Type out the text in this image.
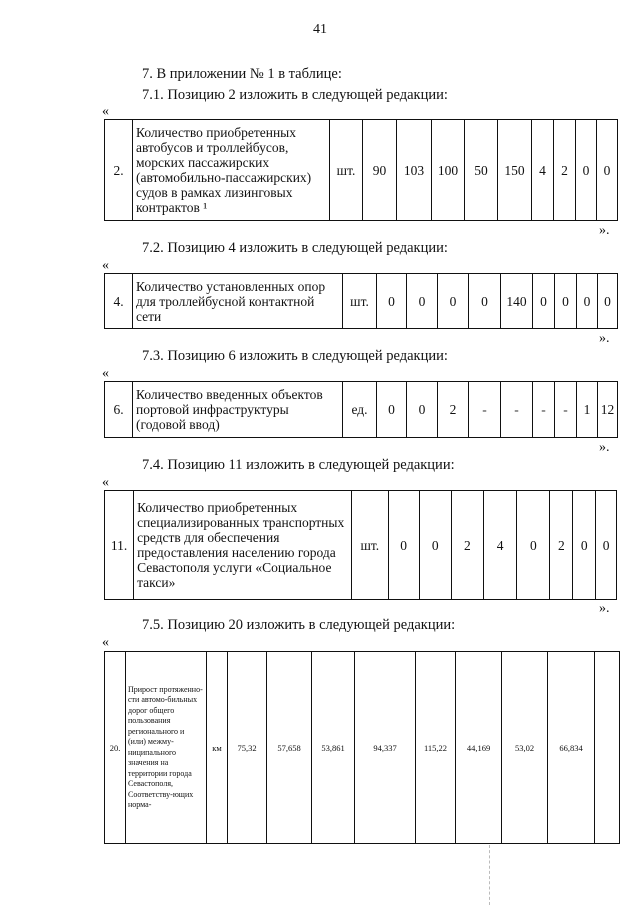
41
7. В приложении № 1 в таблице:
7.1. Позицию 2 изложить в следующей редакции:
«
2.	Количество приобретенных автобусов и троллейбусов, морских пассажирских (автомобильно-пассажирских) судов в рамках лизинговых контрактов ¹	шт.	90	103	100	50	150	4	2	0	0
».
7.2. Позицию 4 изложить в следующей редакции:
«
4.	Количество установленных опор для троллейбусной контактной сети	шт.	0	0	0	0	140	0	0	0	0
».
7.3. Позицию 6 изложить в следующей редакции:
«
6.	Количество введенных объектов портовой инфраструктуры (годовой ввод)	ед.	0	0	2	-	-	-	-	1	12
».
7.4. Позицию 11 изложить в следующей редакции:
«
11.	Количество приобретенных специализированных транспортных средств для обеспечения предоставления населению города Севастополя услуги «Социальное такси»	шт.	0	0	2	4	0	2	0	0
».
7.5. Позицию 20 изложить в следующей редакции:
«
20.	Прирост протяженно-сти автомо-бильных дорог общего пользования регионального и (или) межму-ниципального значения на территории города Севастополя, Соответству-ющих норма-	км	75,32	57,658	53,861	94,337	115,22	44,169	53,02	66,834	
